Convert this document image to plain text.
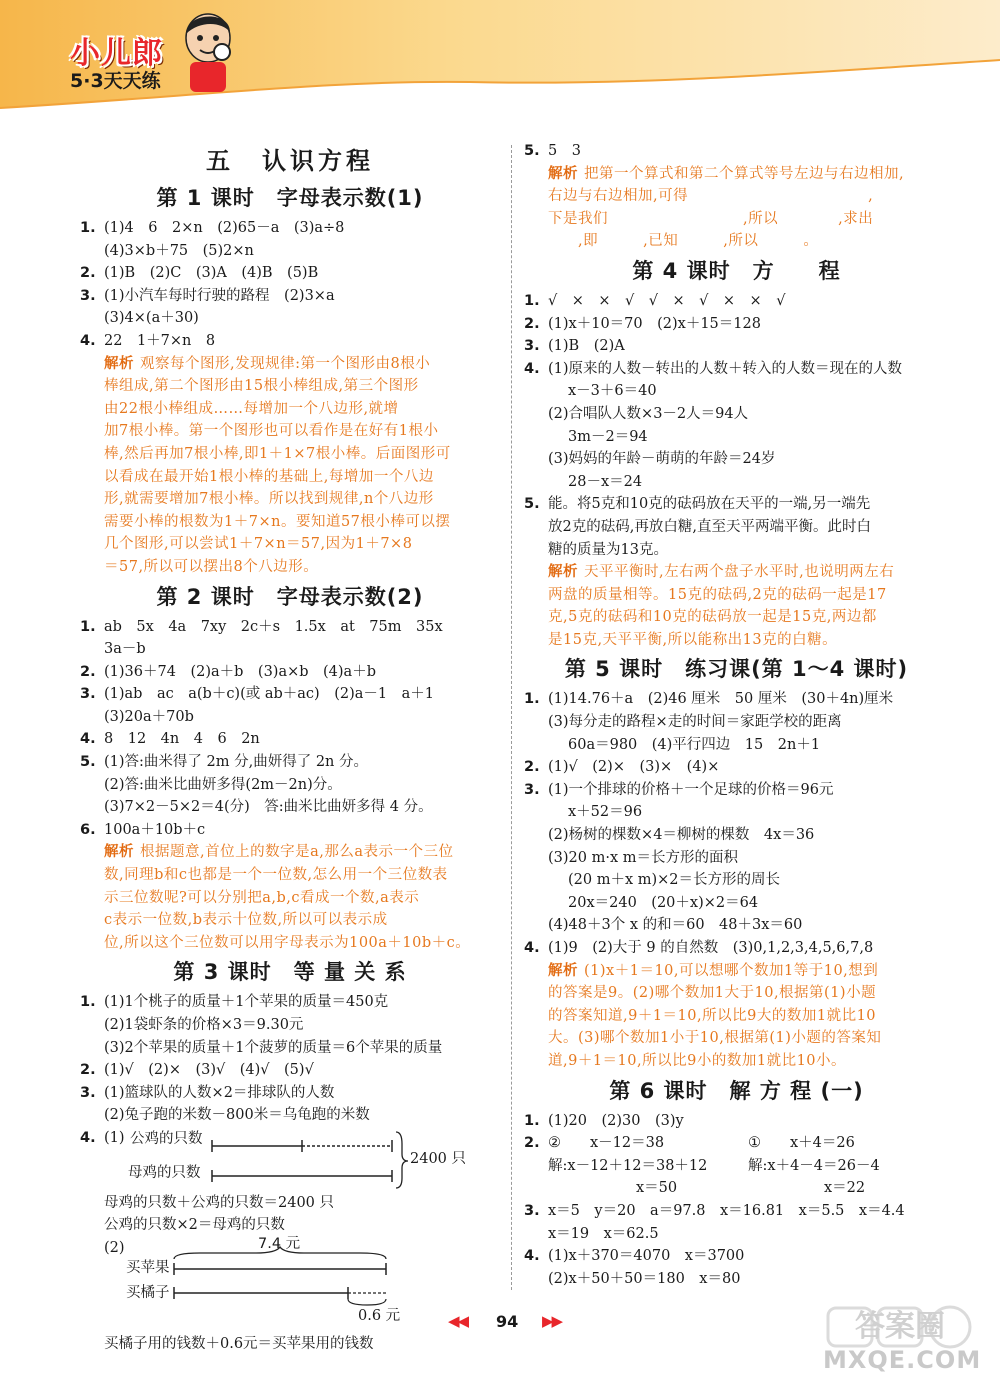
小儿郎
5·3天天练
五　认识方程
第 1 课时　字母表示数(1)
1. (1)4　6　2×n　(2)65－a　(3)a÷8
(4)3×b＋75　(5)2×n
2. (1)B　(2)C　(3)A　(4)B　(5)B
3. (1)小汽车每时行驶的路程　(2)3×a
(3)4×(a＋30)
4. 22　1＋7×n　8
解析 观察每个图形,发现规律:第一个图形由8根小
棒组成,第二个图形由15根小棒组成,第三个图形
由22根小棒组成……每增加一个八边形,就增
加7根小棒。第一个图形也可以看作是在好有1根小
棒,然后再加7根小棒,即1＋1×7根小棒。后面图形可
以看成在最开始1根小棒的基础上,每增加一个八边
形,就需要增加7根小棒。所以找到规律,n个八边形
需要小棒的根数为1＋7×n。要知道57根小棒可以摆
几个图形,可以尝试1＋7×n＝57,因为1＋7×8
＝57,所以可以摆出8个八边形。
第 2 课时　字母表示数(2)
1. ab　5x　4a　7xy　2c＋s　1.5x　at　75m　35x
3a－b
2. (1)36＋74　(2)a＋b　(3)a×b　(4)a＋b
3. (1)ab　ac　a(b＋c)(或 ab＋ac)　(2)a－1　a＋1
(3)20a＋70b
4. 8　12　4n　4　6　2n
5. (1)答:曲米得了 2m 分,曲妍得了 2n 分。
(2)答:曲米比曲妍多得(2m－2n)分。
(3)7×2－5×2＝4(分)　答:曲米比曲妍多得 4 分。
6. 100a＋10b＋c
解析 根据题意,首位上的数字是a,那么a表示一个三位
数,同理b和c也都是一个一位数,怎么用一个三位数表
示三位数呢?可以分别把a,b,c看成一个数,a表示
c表示一位数,b表示十位数,所以可以表示成
位,所以这个三位数可以用字母表示为100a＋10b＋c。
第 3 课时　等 量 关 系
1. (1)1个桃子的质量＋1个苹果的质量＝450克
(2)1袋虾条的价格×3＝9.30元
(3)2个苹果的质量＋1个菠萝的质量＝6个苹果的质量
2. (1)√　(2)×　(3)√　(4)√　(5)√
3. (1)篮球队的人数×2＝排球队的人数
(2)兔子跑的米数－800米＝乌龟跑的米数
4. (1) 公鸡的只数
2400 只
母鸡的只数
母鸡的只数＋公鸡的只数＝2400 只
公鸡的只数×2＝母鸡的只数
(2)	7.4 元
买苹果
买橘子
0.6 元
买橘子用的钱数＋0.6元＝买苹果用的钱数
5. 5　3
解析 把第一个算式和第二个算式等号左边与右边相加,
右边与右边相加,可得　　　　　　　　　　　　,
下是我们　　　　　　　　　,所以　　　　,求出　　　
　　,即　　　,已知　　　,所以　　　。
第 4 课时　方　　程
1. √　×　×　√　√　×　√　×　×　√
2. (1)x＋10＝70　(2)x＋15＝128
3. (1)B　(2)A
4. (1)原来的人数－转出的人数＋转入的人数＝现在的人数
x－3＋6＝40
(2)合唱队人数×3－2人＝94人
3m－2＝94
(3)妈妈的年龄－萌萌的年龄＝24岁
28－x＝24
5. 能。将5克和10克的砝码放在天平的一端,另一端先
放2克的砝码,再放白糖,直至天平两端平衡。此时白
糖的质量为13克。
解析 天平平衡时,左右两个盘子水平时,也说明两左右
两盘的质量相等。15克的砝码,2克的砝码一起是17
克,5克的砝码和10克的砝码放一起是15克,两边都
是15克,天平平衡,所以能称出13克的白糖。
第 5 课时　练习课(第 1～4 课时)
1. (1)14.76＋a　(2)46 厘米　50 厘米　(30＋4n)厘米
(3)每分走的路程×走的时间＝家距学校的距离
60a＝980　(4)平行四边　15　2n＋1
2. (1)√　(2)×　(3)×　(4)×
3. (1)一个排球的价格＋一个足球的价格＝96元
x＋52＝96
(2)杨树的棵数×4＝柳树的棵数　4x＝36
(3)20 m·x m＝长方形的面积
(20 m＋x m)×2＝长方形的周长
20x＝240　(20＋x)×2＝64
(4)48＋3个 x 的和＝60　48＋3x＝60
4. (1)9　(2)大于 9 的自然数　(3)0,1,2,3,4,5,6,7,8
解析 (1)x＋1＝10,可以想哪个数加1等于10,想到
的答案是9。(2)哪个数加1大于10,根据第(1)小题
的答案知道,9＋1＝10,所以比9大的数加1就比10
大。(3)哪个数加1小于10,根据第(1)小题的答案知
道,9＋1＝10,所以比9小的数加1就比10小。
第 6 课时　解 方 程 (一)
1. (1)20　(2)30　(3)y
2. ②　　x－12＝38	①　　x＋4＝26
解:x－12＋12＝38＋12	解:x＋4－4＝26－4
x＝50	x＝22
3. x＝5　y＝20　a＝97.8　x＝16.81　x＝5.5　x＝4.4
x＝19　x＝62.5
4. (1)x＋370＝4070　x＝3700
(2)x＋50＋50＝180　x＝80
◀◀ 94 ▶▶	答案圈
MXQE.COM
